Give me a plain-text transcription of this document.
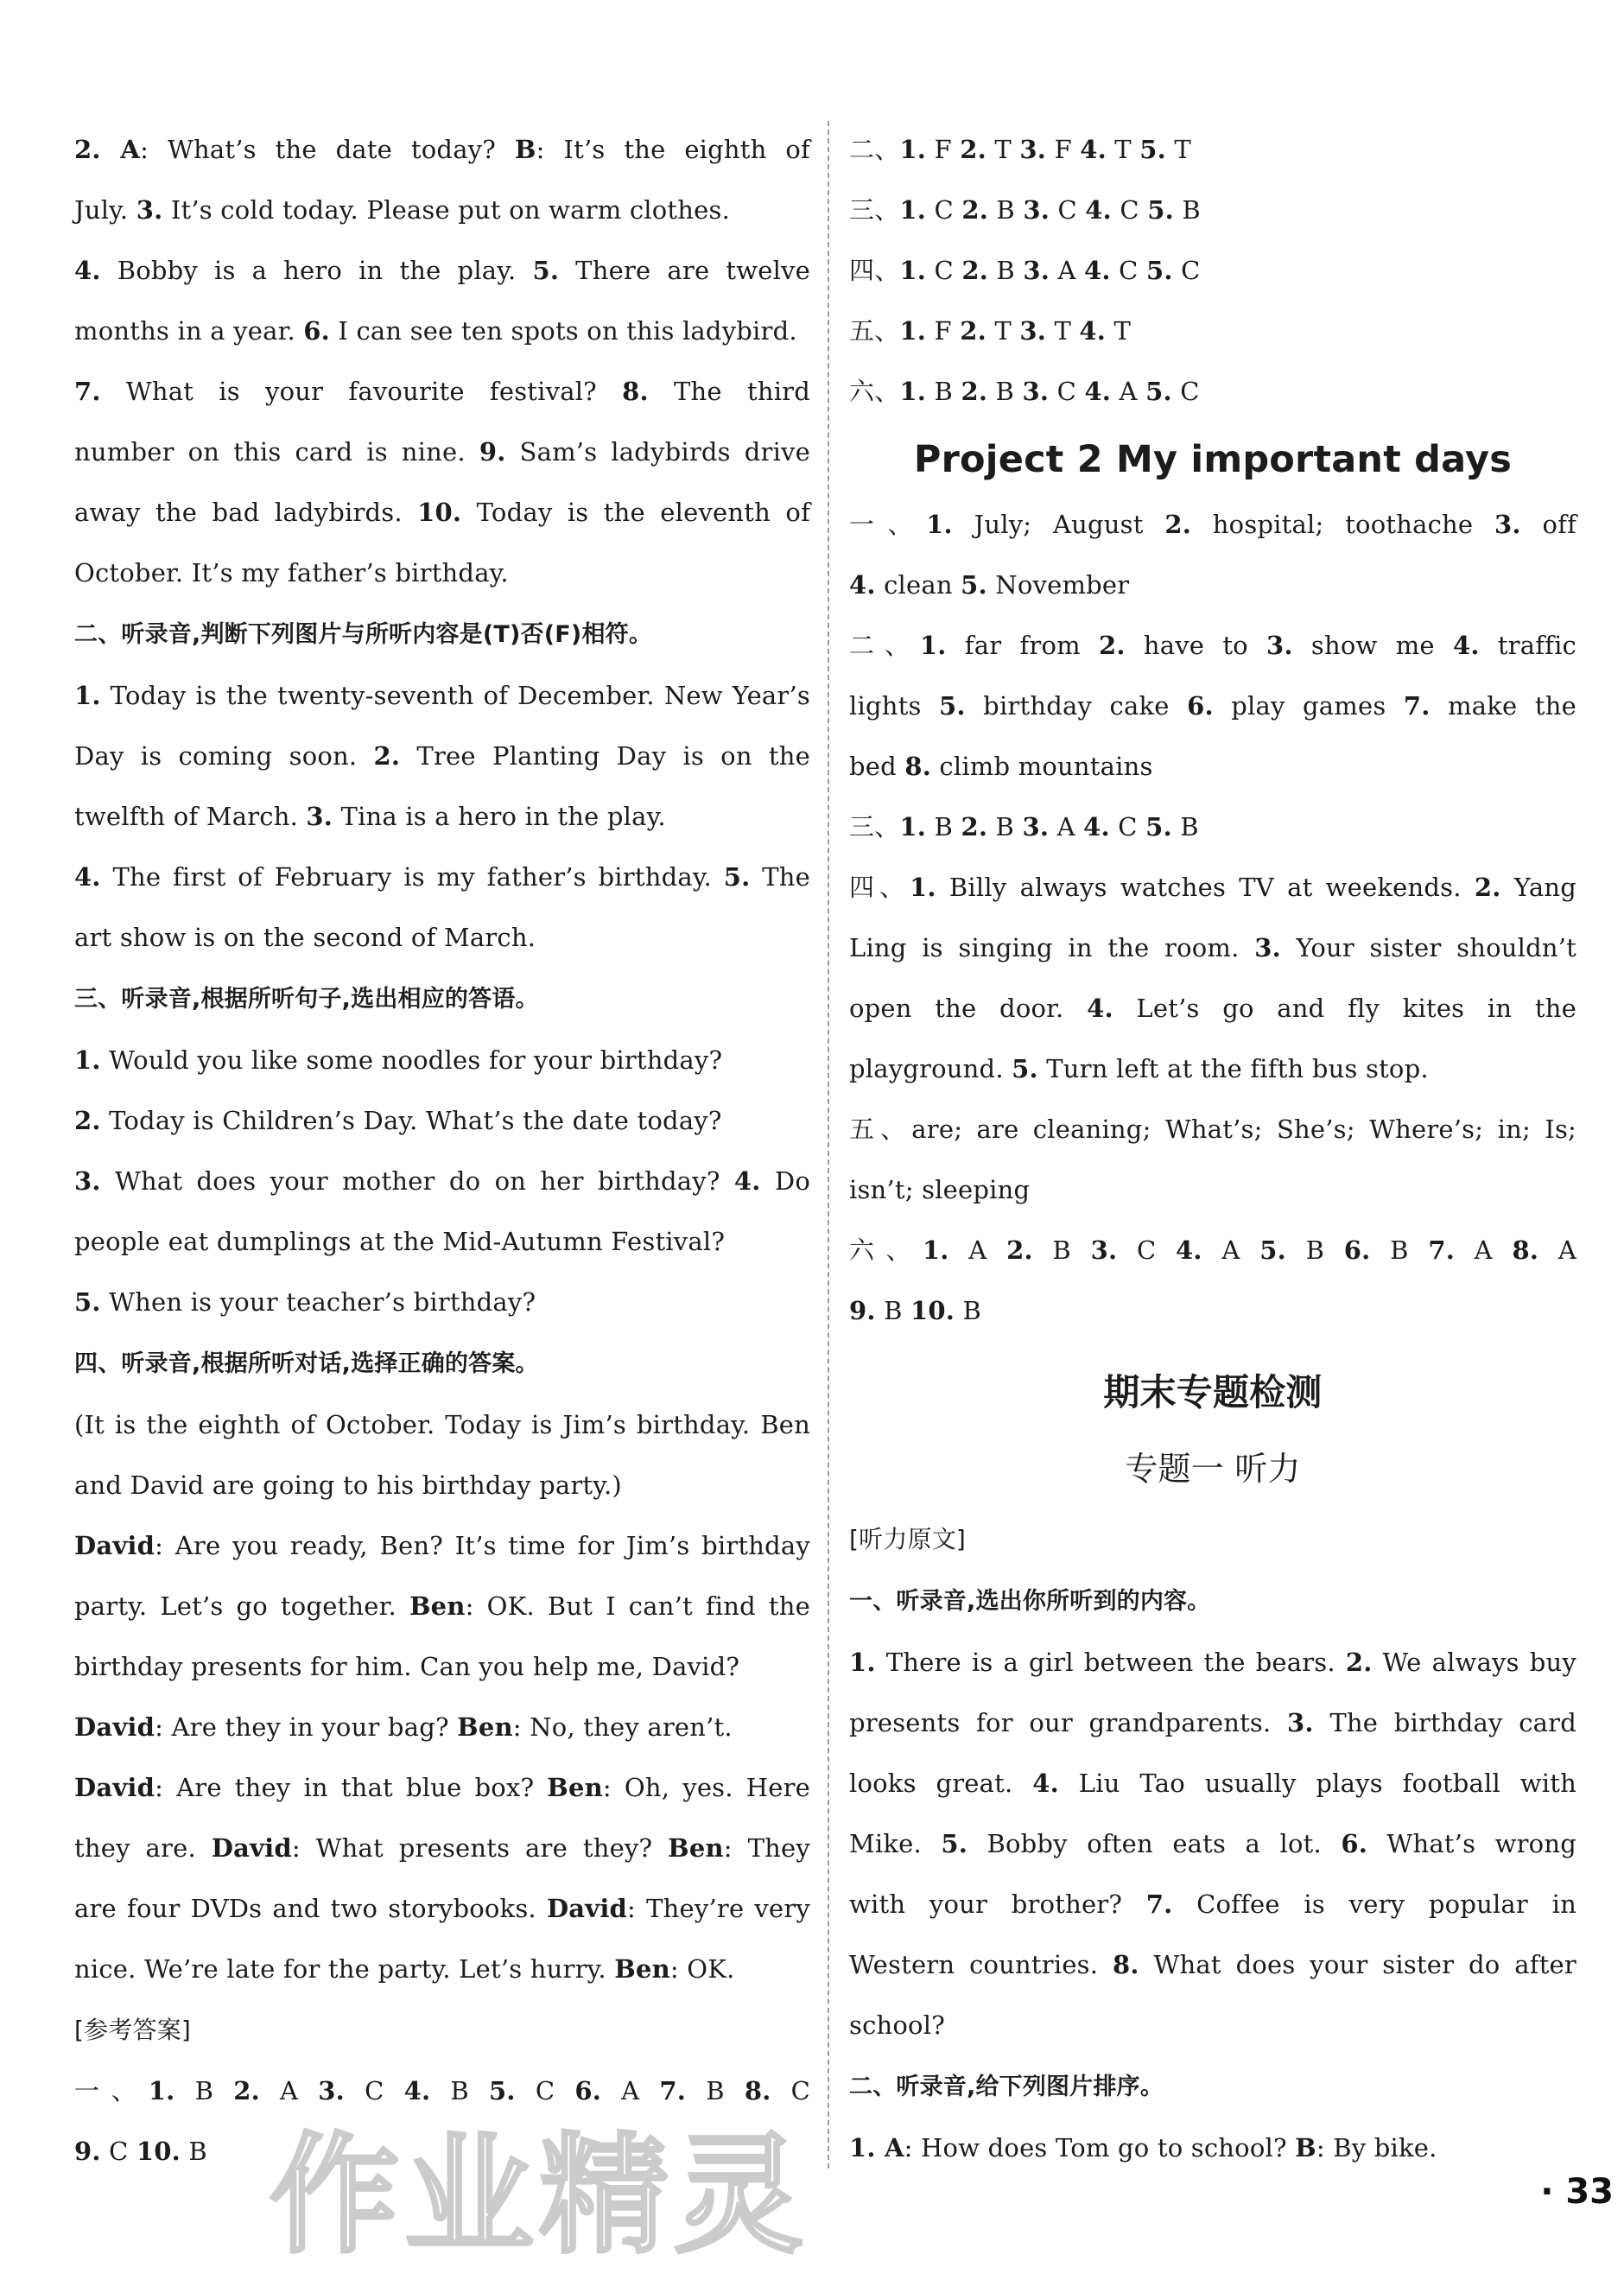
2. A: What’s the date today? B: It’s the eighth of
July. 3. It’s cold today. Please put on warm clothes.
4. Bobby is a hero in the play. 5. There are twelve
months in a year. 6. I can see ten spots on this ladybird.
7. What is your favourite festival? 8. The third
number on this card is nine. 9. Sam’s ladybirds drive
away the bad ladybirds. 10. Today is the eleventh of
October. It’s my father’s birthday.
二、听录音,判断下列图片与所听内容是(T)否(F)相符。
1. Today is the twenty-seventh of December. New Year’s
Day is coming soon. 2. Tree Planting Day is on the
twelfth of March. 3. Tina is a hero in the play.
4. The first of February is my father’s birthday. 5. The
art show is on the second of March.
三、听录音,根据所听句子,选出相应的答语。
1. Would you like some noodles for your birthday?
2. Today is Children’s Day. What’s the date today?
3. What does your mother do on her birthday? 4. Do
people eat dumplings at the Mid-Autumn Festival?
5. When is your teacher’s birthday?
四、听录音,根据所听对话,选择正确的答案。
(It is the eighth of October. Today is Jim’s birthday. Ben
and David are going to his birthday party.)
David: Are you ready, Ben? It’s time for Jim’s birthday
party. Let’s go together. Ben: OK. But I can’t find the
birthday presents for him. Can you help me, David?
David: Are they in your bag? Ben: No, they aren’t.
David: Are they in that blue box? Ben: Oh, yes. Here
they are. David: What presents are they? Ben: They
are four DVDs and two storybooks. David: They’re very
nice. We’re late for the party. Let’s hurry. Ben: OK.
[参考答案]
一、1. B 2. A 3. C 4. B 5. C 6. A 7. B 8. C
9. C 10. B
二、1. F 2. T 3. F 4. T 5. T
三、1. C 2. B 3. C 4. C 5. B
四、1. C 2. B 3. A 4. C 5. C
五、1. F 2. T 3. T 4. T
六、1. B 2. B 3. C 4. A 5. C
Project 2 My important days
一、1. July; August 2. hospital; toothache 3. off
4. clean 5. November
二、1. far from 2. have to 3. show me 4. traffic
lights 5. birthday cake 6. play games 7. make the
bed 8. climb mountains
三、1. B 2. B 3. A 4. C 5. B
四、1. Billy always watches TV at weekends. 2. Yang
Ling is singing in the room. 3. Your sister shouldn’t
open the door. 4. Let’s go and fly kites in the
playground. 5. Turn left at the fifth bus stop.
五、are; are cleaning; What’s; She’s; Where’s; in; Is;
isn’t; sleeping
六、1. A 2. B 3. C 4. A 5. B 6. B 7. A 8. A
9. B 10. B
期末专题检测
专题一 听力
[听力原文]
一、听录音,选出你所听到的内容。
1. There is a girl between the bears. 2. We always buy
presents for our grandparents. 3. The birthday card
looks great. 4. Liu Tao usually plays football with
Mike. 5. Bobby often eats a lot. 6. What’s wrong
with your brother? 7. Coffee is very popular in
Western countries. 8. What does your sister do after
school?
二、听录音,给下列图片排序。
1. A: How does Tom go to school? B: By bike.
作业精灵	· 33
